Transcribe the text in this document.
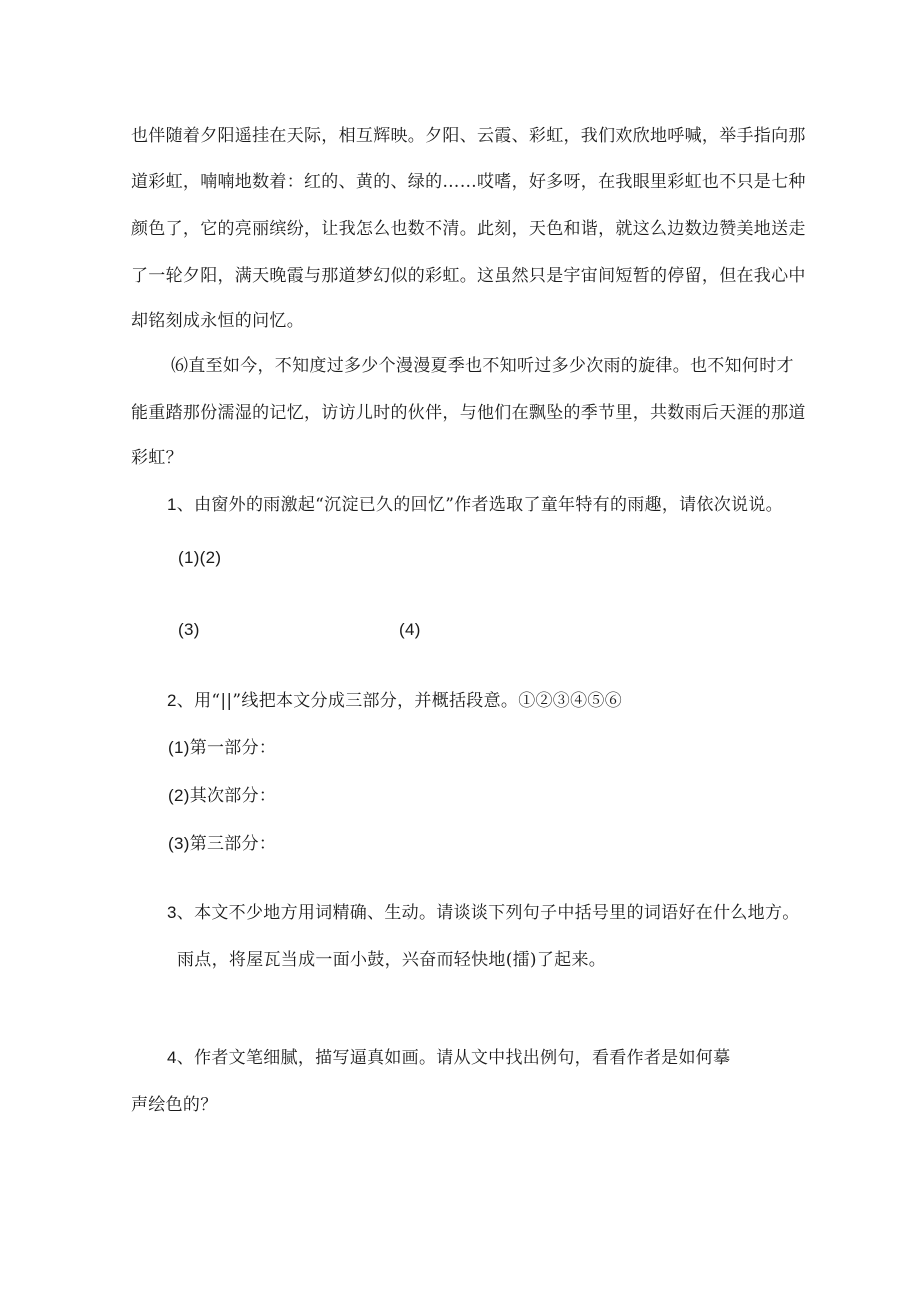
也伴随着夕阳遥挂在天际，相互辉映。夕阳、云霞、彩虹，我们欢欣地呼喊，举手指向那
道彩虹，喃喃地数着：红的、黄的、绿的……哎嗜，好多呀，在我眼里彩虹也不只是七种
颜色了，它的亮丽缤纷，让我怎么也数不清。此刻，天色和谐，就这么边数边赞美地送走
了一轮夕阳，满天晚霞与那道梦幻似的彩虹。这虽然只是宇宙间短暂的停留，但在我心中
却铭刻成永恒的问忆。
⑹直至如今，不知度过多少个漫漫夏季也不知听过多少次雨的旋律。也不知何时才
能重踏那份濡湿的记忆，访访儿时的伙伴，与他们在飘坠的季节里，共数雨后天涯的那道
彩虹？
1、由窗外的雨激起“沉淀已久的回忆”作者选取了童年特有的雨趣，请依次说说。
(1)(2)
(3)	(4)
2、用“||”线把本文分成三部分，并概括段意。①②③④⑤⑥
(1)第一部分：
(2)其次部分：
(3)第三部分：
3、本文不少地方用词精确、生动。请谈谈下列句子中括号里的词语好在什么地方。
雨点，将屋瓦当成一面小鼓，兴奋而轻快地(擂)了起来。
4、作者文笔细腻，描写逼真如画。请从文中找出例句，看看作者是如何摹
声绘色的？
